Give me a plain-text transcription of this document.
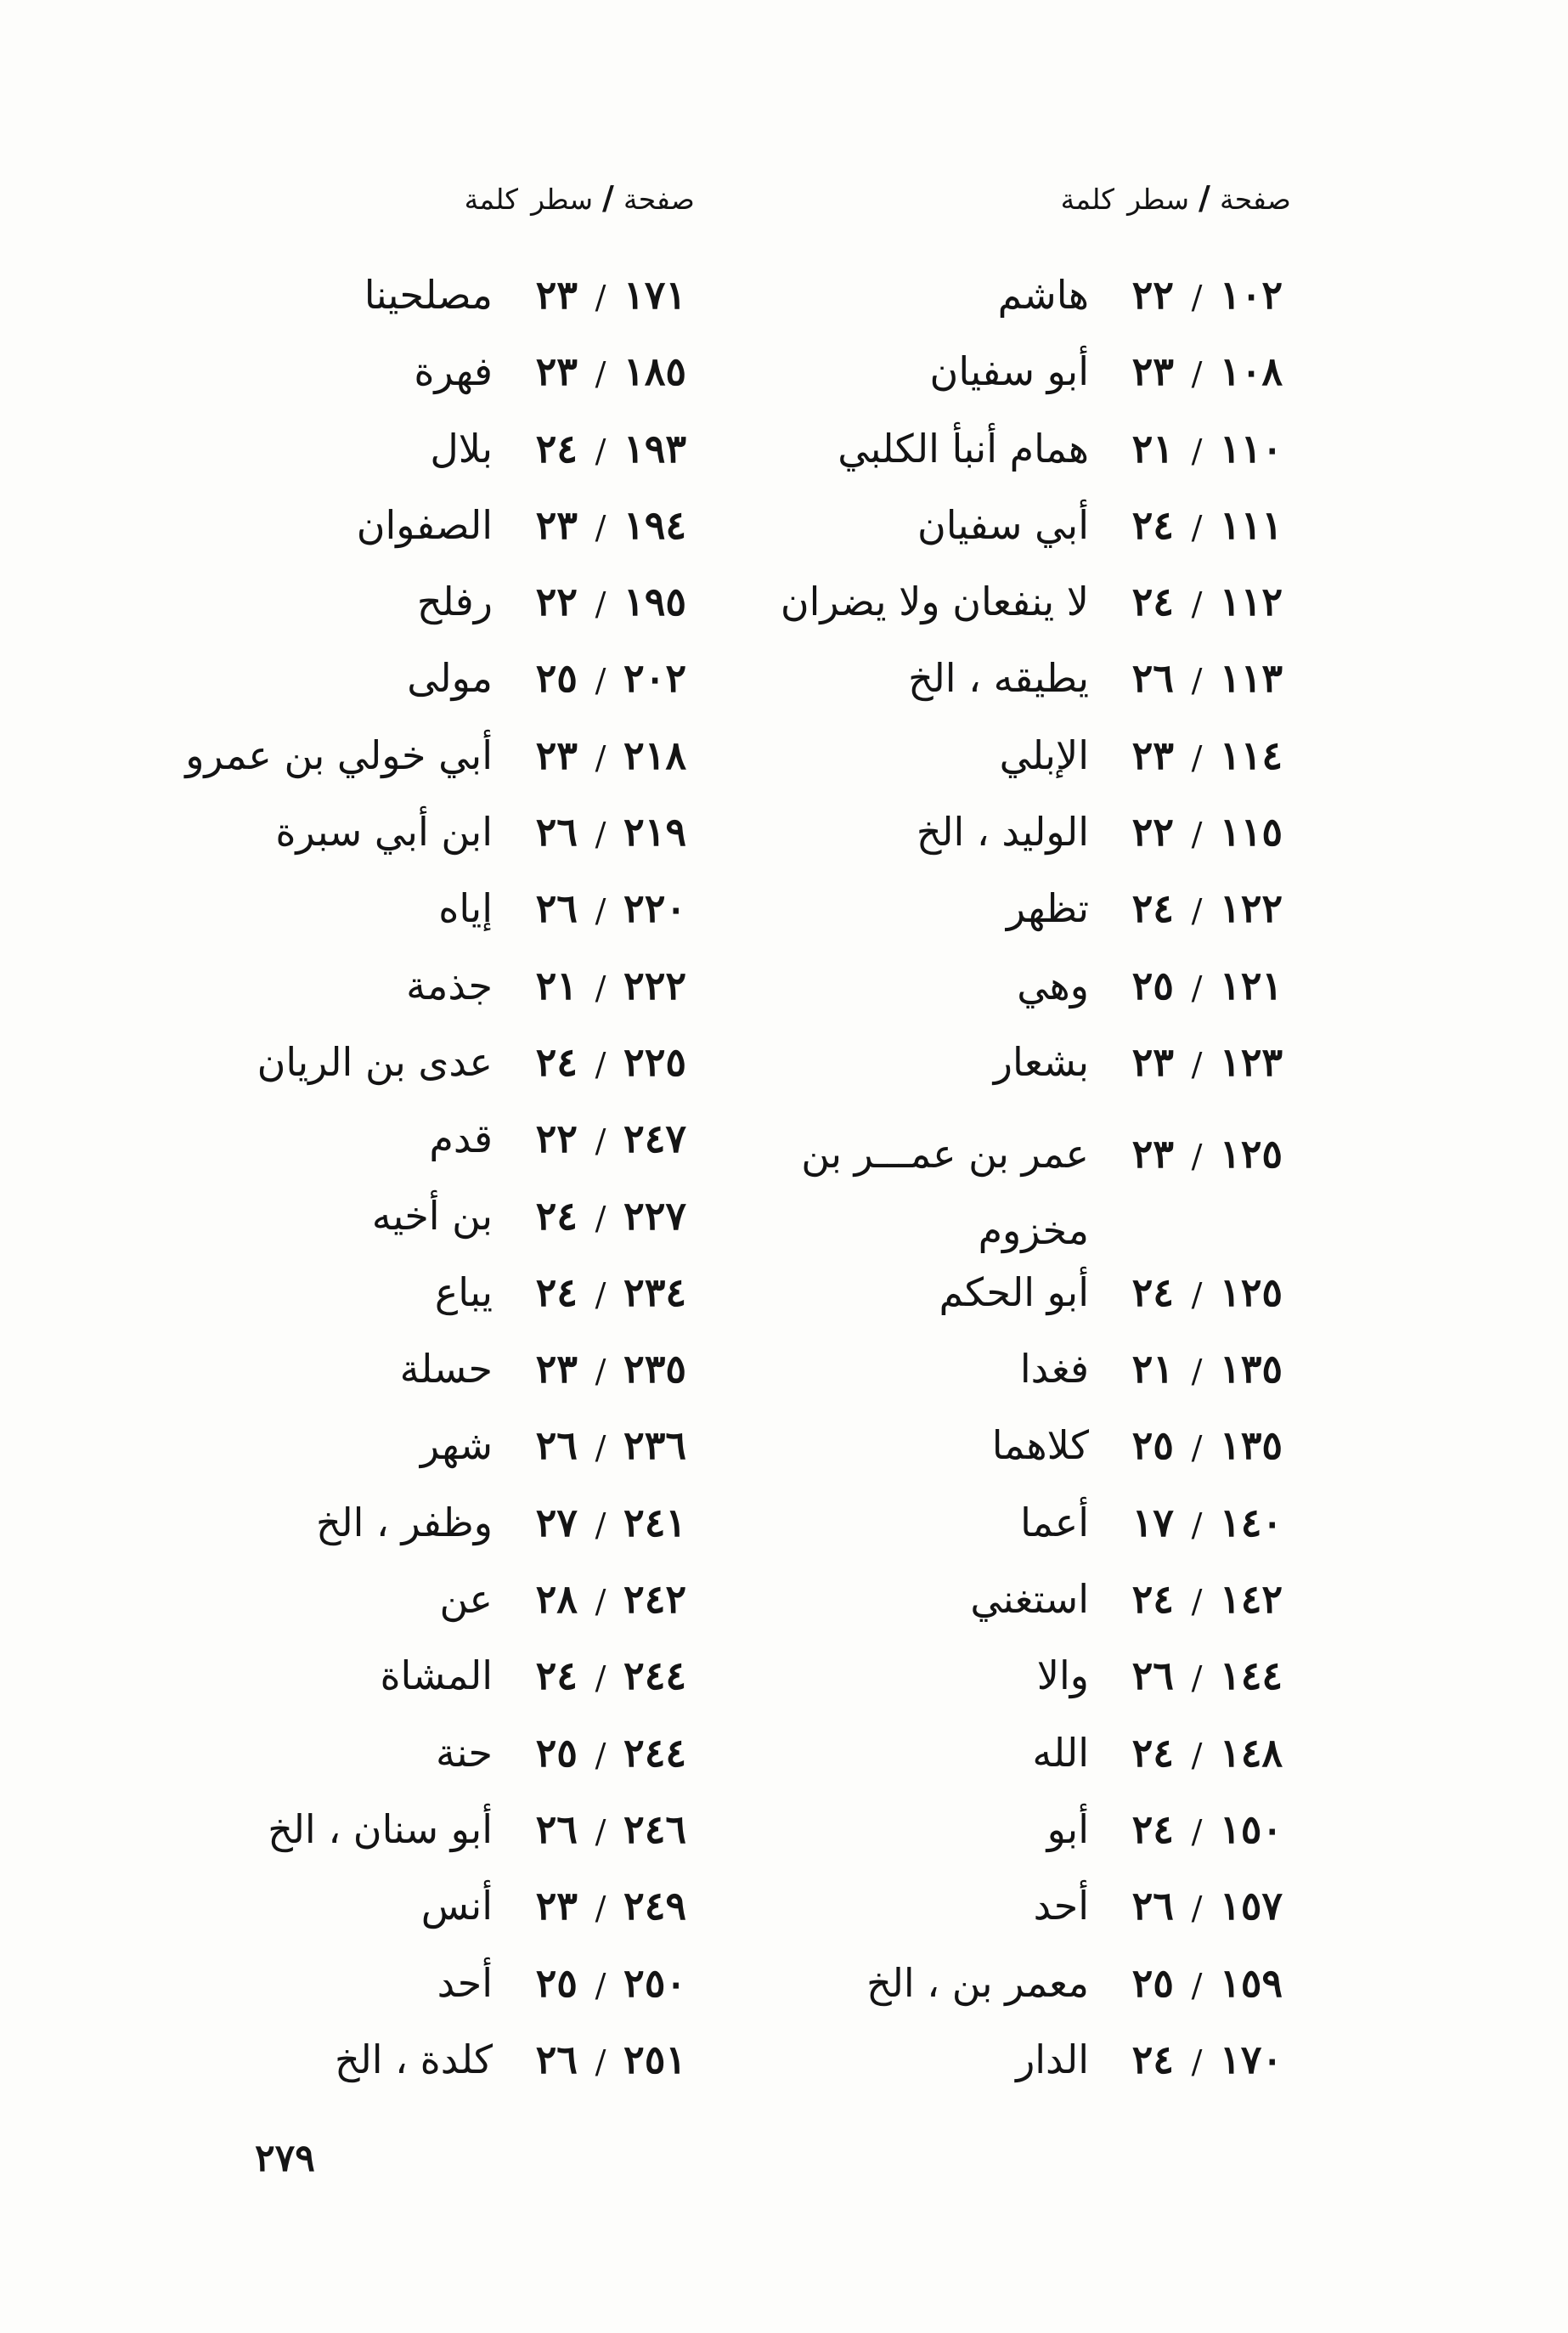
صفحة
/
سطر
كلمة
١٠٢
/
٢٢
هاشم
١٠٨
/
٢٣
أبو سفيان
١١٠
/
٢١
همام أنبأ الكلبي
١١١
/
٢٤
أبي سفيان
١١٢
/
٢٤
لا ينفعان ولا يضران
١١٣
/
٢٦
يطيقه ، الخ
١١٤
/
٢٣
الإبلي
١١٥
/
٢٢
الوليد ، الخ
١٢٢
/
٢٤
تظهر
١٢١
/
٢٥
وهي
١٢٣
/
٢٣
بشعار
١٢٥
/
٢٣
عمر بن عمـــر بن مخزوم
١٢٥
/
٢٤
أبو الحكم
١٣٥
/
٢١
فغدا
١٣٥
/
٢٥
كلاهما
١٤٠
/
١٧
أعما
١٤٢
/
٢٤
استغني
١٤٤
/
٢٦
والا
١٤٨
/
٢٤
الله
١٥٠
/
٢٤
أبو
١٥٧
/
٢٦
أحد
١٥٩
/
٢٥
معمر بن ، الخ
١٧٠
/
٢٤
الدار
صفحة
/
سطر
كلمة
١٧١
/
٢٣
مصلحينا
١٨٥
/
٢٣
فهرة
١٩٣
/
٢٤
بلال
١٩٤
/
٢٣
الصفوان
١٩٥
/
٢٢
رفلح
٢٠٢
/
٢٥
مولى
٢١٨
/
٢٣
أبي خولي بن عمرو
٢١٩
/
٢٦
ابن أبي سبرة
٢٢٠
/
٢٦
إياه
٢٢٢
/
٢١
جذمة
٢٢٥
/
٢٤
عدى بن الريان
٢٤٧
/
٢٢
قدم
٢٢٧
/
٢٤
بن أخيه
٢٣٤
/
٢٤
يباع
٢٣٥
/
٢٣
حسلة
٢٣٦
/
٢٦
شهر
٢٤١
/
٢٧
وظفر ، الخ
٢٤٢
/
٢٨
عن
٢٤٤
/
٢٤
المشاة
٢٤٤
/
٢٥
حنة
٢٤٦
/
٢٦
أبو سنان ، الخ
٢٤٩
/
٢٣
أنس
٢٥٠
/
٢٥
أحد
٢٥١
/
٢٦
كلدة ، الخ
٢٧٩
